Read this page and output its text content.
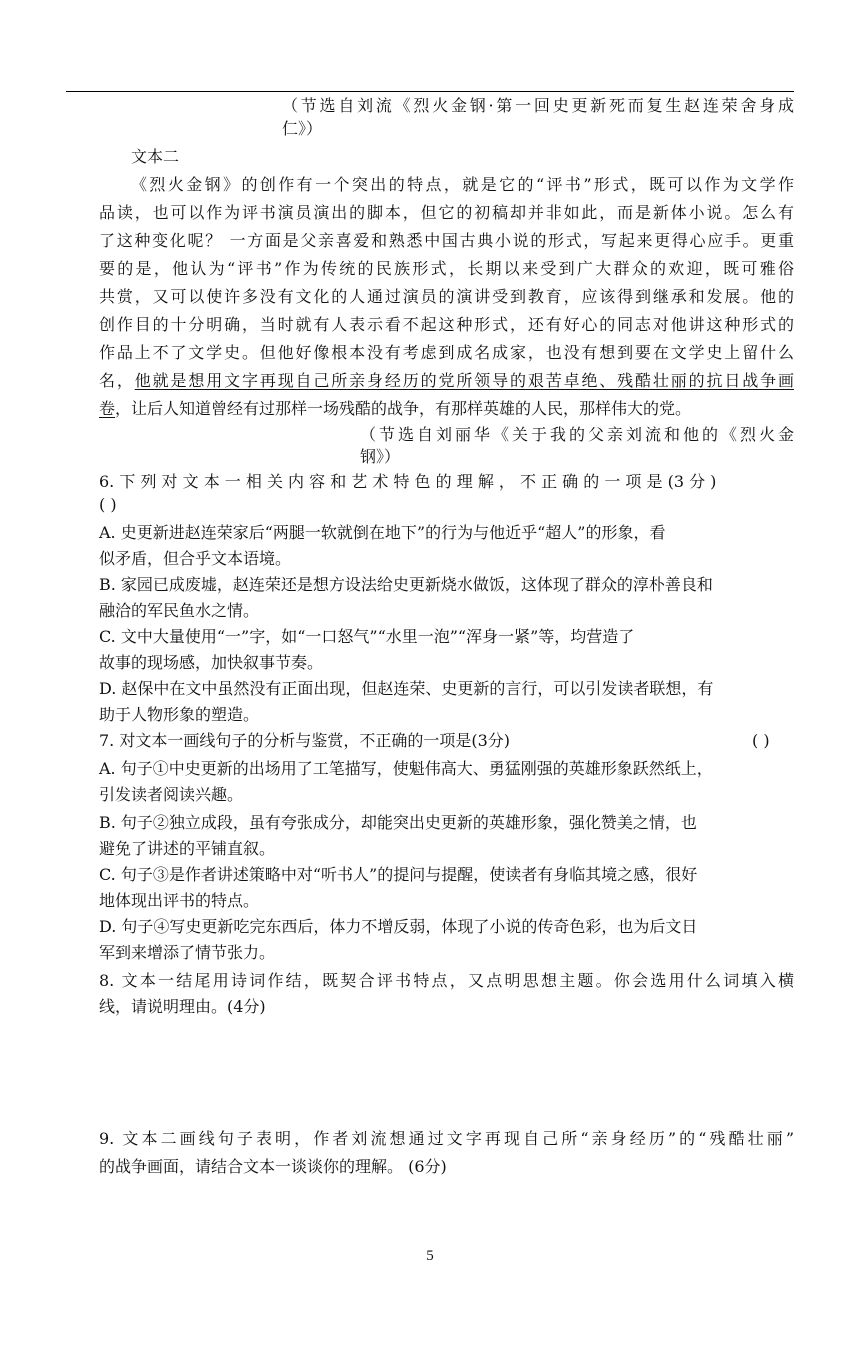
（节选自刘流《烈火金钢·第一回史更新死而复生赵连荣舍身成
仁》）
文本二
《烈火金钢》的创作有一个突出的特点，就是它的“评书”形式，既可以作为文学作
品读，也可以作为评书演员演出的脚本，但它的初稿却并非如此，而是新体小说。怎么有
了这种变化呢？ 一方面是父亲喜爱和熟悉中国古典小说的形式，写起来更得心应手。更重
要的是，他认为“评书”作为传统的民族形式，长期以来受到广大群众的欢迎，既可雅俗
共赏，又可以使许多没有文化的人通过演员的演讲受到教育，应该得到继承和发展。他的
创作目的十分明确，当时就有人表示看不起这种形式，还有好心的同志对他讲这种形式的
作品上不了文学史。但他好像根本没有考虑到成名成家，也没有想到要在文学史上留什么
名，他就是想用文字再现自己所亲身经历的党所领导的艰苦卓绝、残酷壮丽的抗日战争画
卷，让后人知道曾经有过那样一场残酷的战争，有那样英雄的人民，那样伟大的党。
（节选自刘丽华《关于我的父亲刘流和他的《烈火金
钢》）
6. 下 列 对 文 本 一 相 关 内 容 和 艺 术 特 色 的 理 解 ， 不 正 确 的 一 项 是 (3 分 )
( )
A. 史更新进赵连荣家后“两腿一软就倒在地下”的行为与他近乎“超人”的形象，看
似矛盾，但合乎文本语境。
B. 家园已成废墟，赵连荣还是想方设法给史更新烧水做饭，这体现了群众的淳朴善良和
融洽的军民鱼水之情。
C. 文中大量使用“一”字，如“一口怒气”“水里一泡”“浑身一紧”等，均营造了
故事的现场感，加快叙事节奏。
D. 赵保中在文中虽然没有正面出现，但赵连荣、史更新的言行，可以引发读者联想，有
助于人物形象的塑造。
7. 对文本一画线句子的分析与鉴赏，不正确的一项是(3分)	( )
A. 句子①中史更新的出场用了工笔描写，使魁伟高大、勇猛刚强的英雄形象跃然纸上，
引发读者阅读兴趣。
B. 句子②独立成段，虽有夸张成分，却能突出史更新的英雄形象，强化赞美之情，也
避免了讲述的平铺直叙。
C. 句子③是作者讲述策略中对“听书人”的提问与提醒，使读者有身临其境之感，很好
地体现出评书的特点。
D. 句子④写史更新吃完东西后，体力不增反弱，体现了小说的传奇色彩，也为后文日
军到来增添了情节张力。
8. 文本一结尾用诗词作结，既契合评书特点，又点明思想主题。你会选用什么词填入横
线，请说明理由。(4分)
9. 文本二画线句子表明，作者刘流想通过文字再现自己所“亲身经历”的“残酷壮丽”
的战争画面，请结合文本一谈谈你的理解。 (6分)
5
